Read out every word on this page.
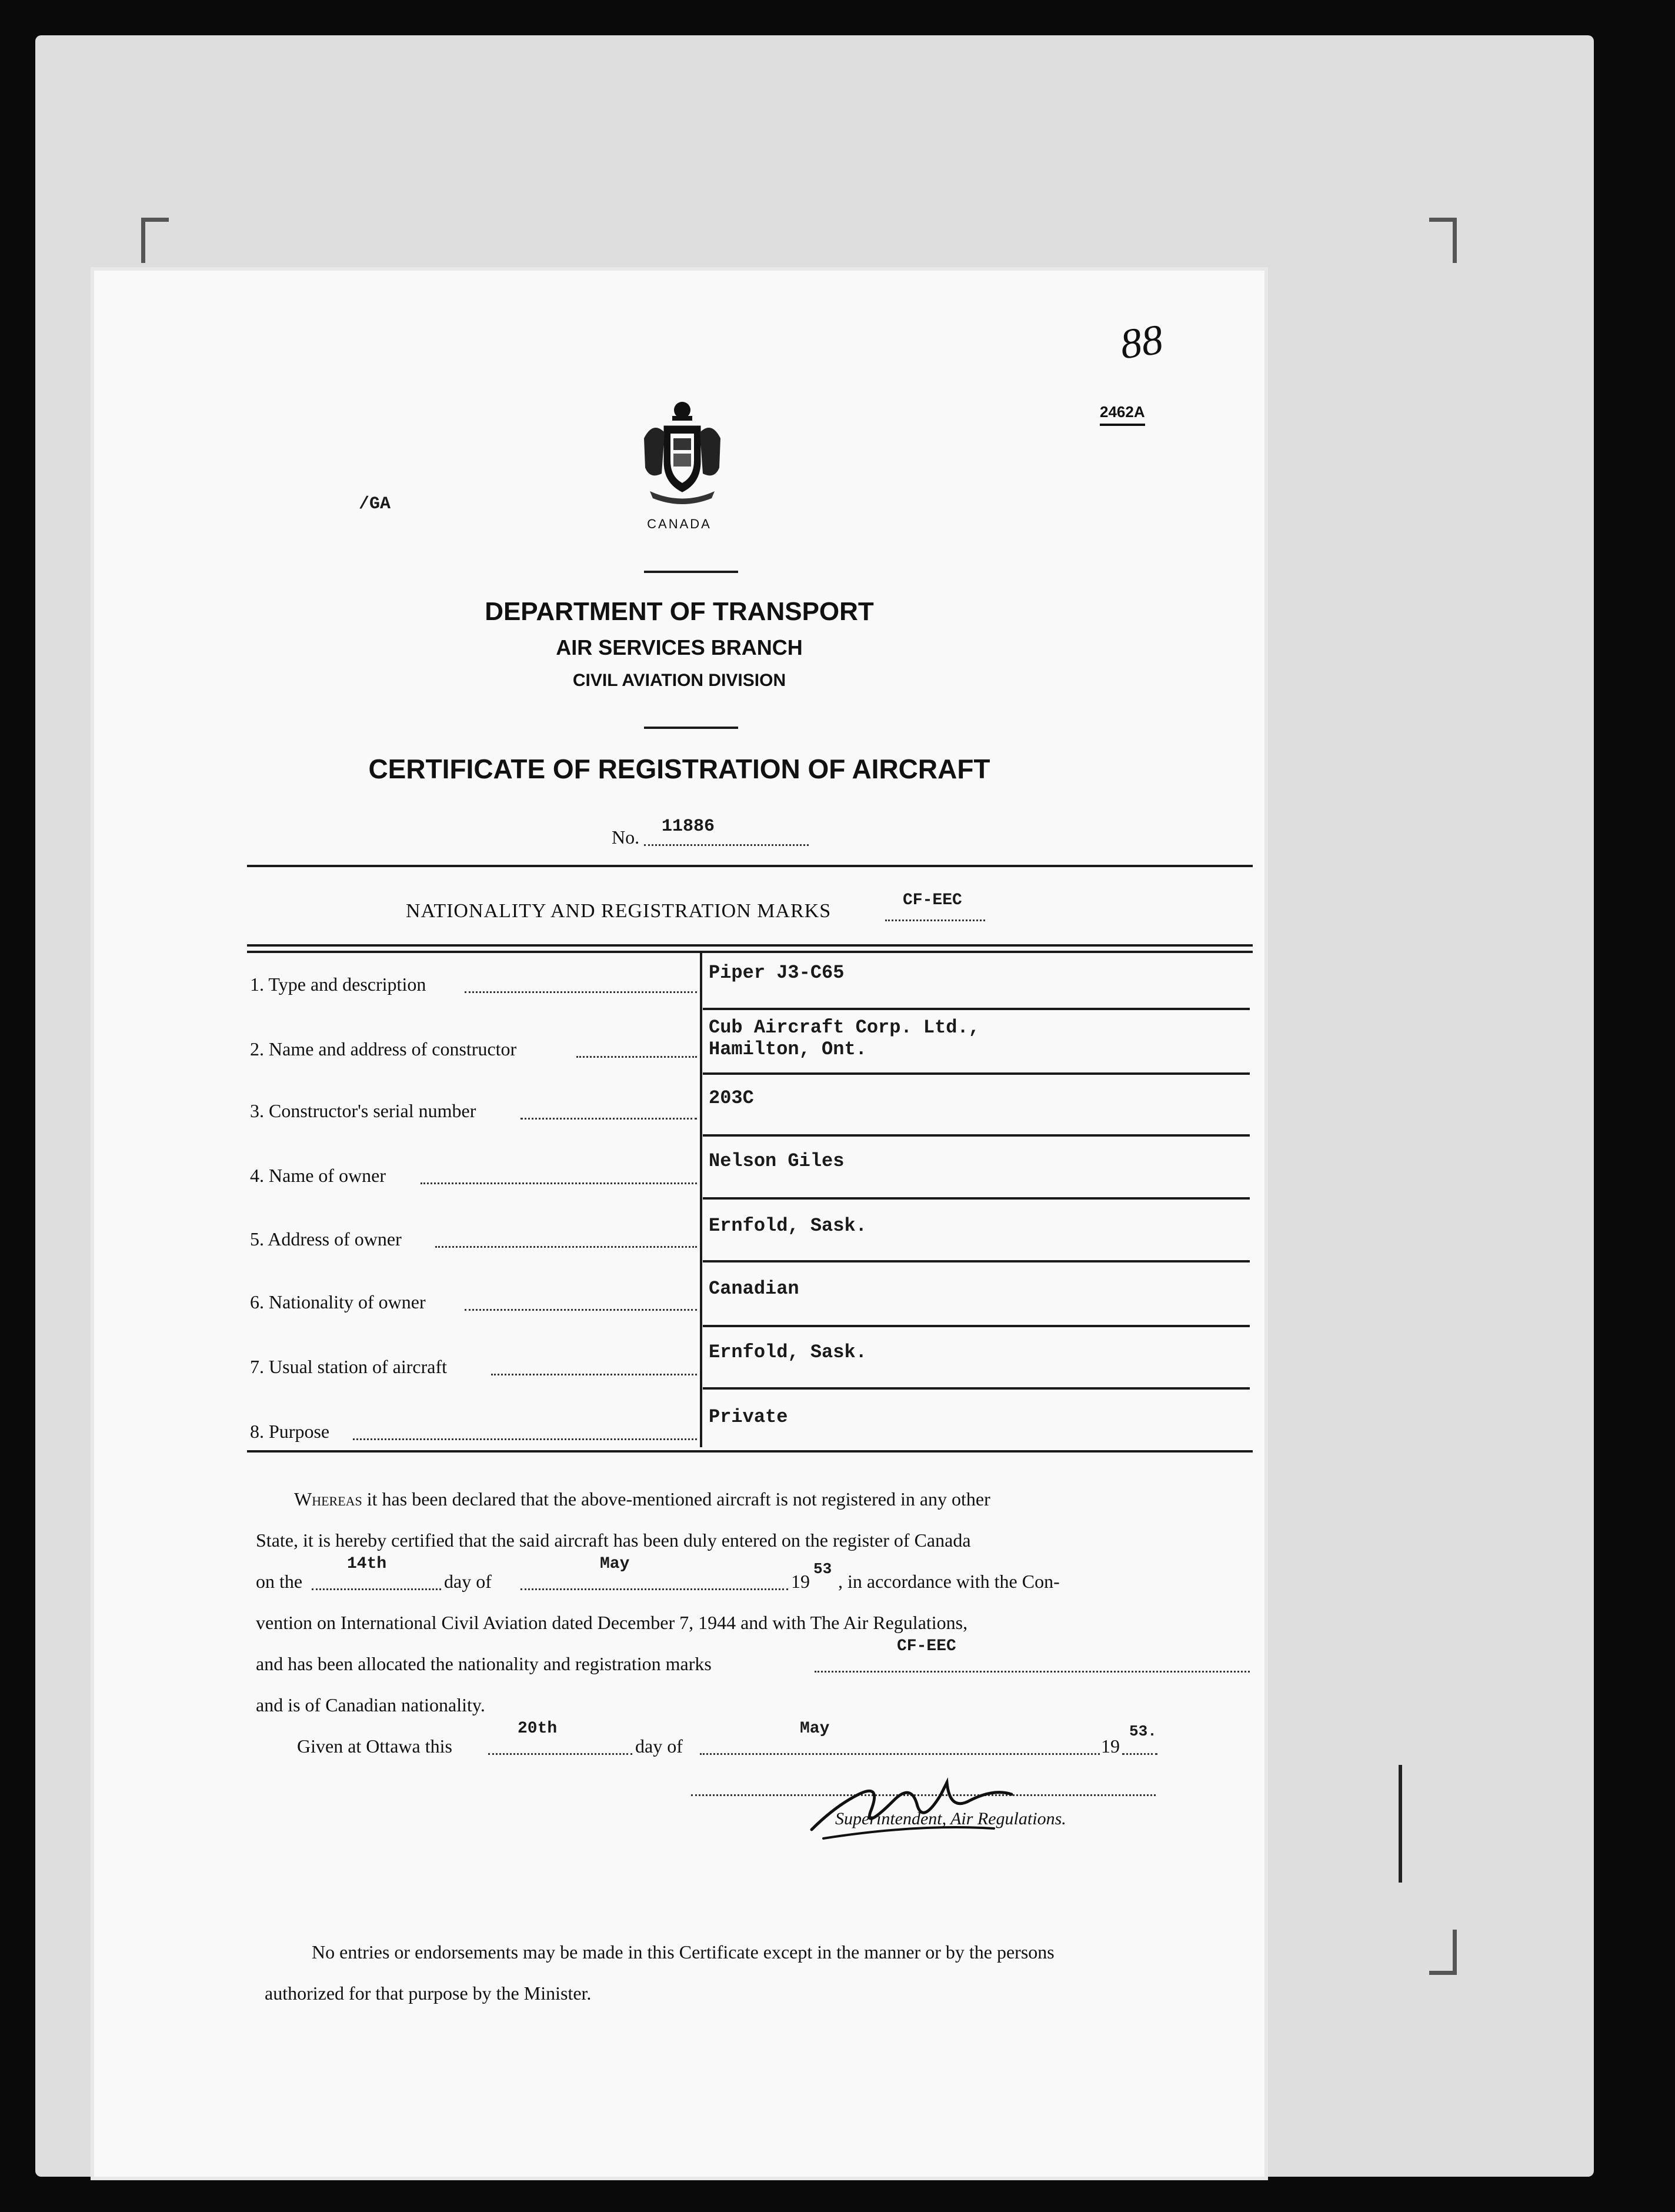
88
2462A
/GA
CANADA
DEPARTMENT OF TRANSPORT
AIR SERVICES BRANCH
CIVIL AVIATION DIVISION
CERTIFICATE OF REGISTRATION OF AIRCRAFT
No. 11886
NATIONALITY AND REGISTRATION MARKS	CF-EEC
1. Type and description
Piper J3-C65
2. Name and address of constructor
Cub Aircraft Corp. Ltd.,
Hamilton, Ont.
3. Constructor's serial number
203C
4. Name of owner
Nelson Giles
5. Address of owner
Ernfold, Sask.
6. Nationality of owner
Canadian
7. Usual station of aircraft
Ernfold, Sask.
8. Purpose
Private
Whereas it has been declared that the above-mentioned aircraft is not registered in any other
State, it is hereby certified that the said aircraft has been duly entered on the register of Canada
on the
14th
day of
May
19
53
, in accordance with the Con-
vention on International Civil Aviation dated December 7, 1944 and with The Air Regulations,
and has been allocated the nationality and registration marks
CF-EEC
and is of Canadian nationality.
Given at Ottawa this
20th
day of
May
19
53.
Superintendent, Air Regulations.
No entries or endorsements may be made in this Certificate except in the manner or by the persons
authorized for that purpose by the Minister.
